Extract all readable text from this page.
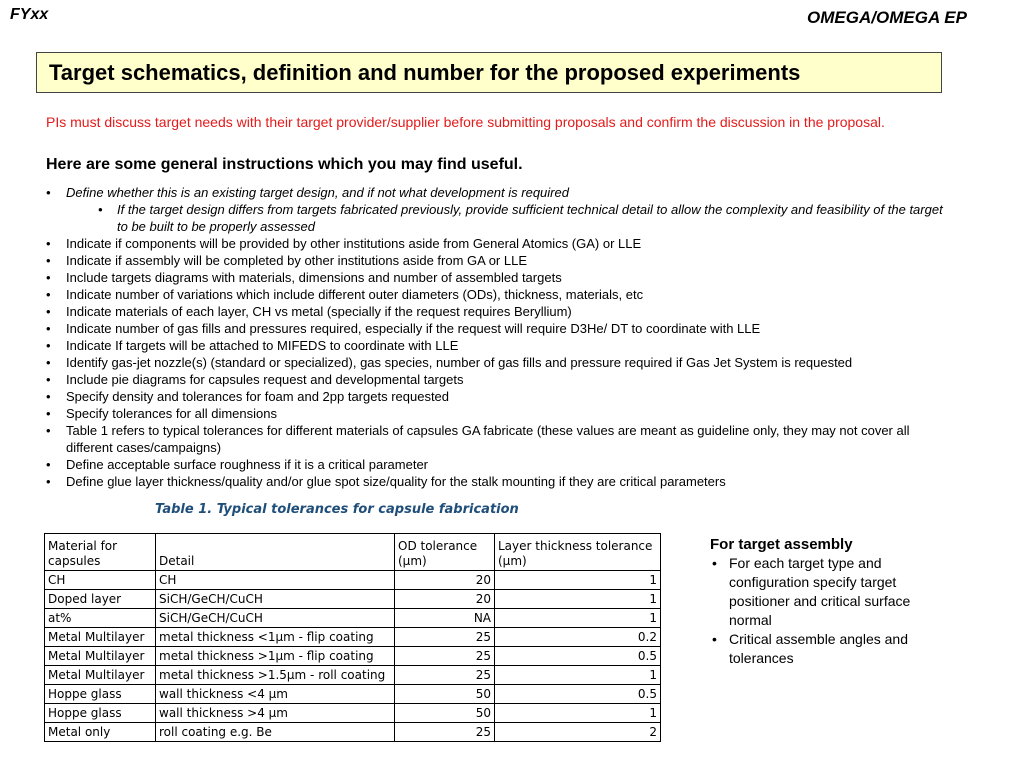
FYxx	OMEGA/OMEGA EP
Target schematics, definition and number for the proposed experiments
PIs must discuss target needs with their target provider/supplier before submitting proposals and confirm the discussion in the proposal.
Here are some general instructions which you may find useful.
• Define whether this is an existing target design, and if not what development is required
• If the target design differs from targets fabricated previously, provide sufficient technical detail to allow the complexity and feasibility of the target to be built to be properly assessed
• Indicate if components will be provided by other institutions aside from General Atomics (GA) or LLE
• Indicate if assembly will be completed by other institutions aside from GA or LLE
• Include targets diagrams with materials, dimensions and number of assembled targets
• Indicate number of variations which include different outer diameters (ODs), thickness, materials, etc
• Indicate materials of each layer, CH vs metal (specially if the request requires Beryllium)
• Indicate number of gas fills and pressures required, especially if the request will require D3He/ DT to coordinate with LLE
• Indicate If targets will be attached to MIFEDS to coordinate with LLE
• Identify gas-jet nozzle(s) (standard or specialized), gas species, number of gas fills and pressure required if Gas Jet System is requested
• Include pie diagrams for capsules request and developmental targets
• Specify density and tolerances for foam and 2pp targets requested
• Specify tolerances for all dimensions
• Table 1 refers to typical tolerances for different materials of capsules GA fabricate (these values are meant as guideline only, they may not cover all different cases/campaigns)
• Define acceptable surface roughness if it is a critical parameter
• Define glue layer thickness/quality and/or glue spot size/quality for the stalk mounting if they are critical parameters
Table 1. Typical tolerances for capsule fabrication
Material for capsules	Detail	OD tolerance (µm)	Layer thickness tolerance (µm)
CH	CH	20	1
Doped layer	SiCH/GeCH/CuCH	20	1
at%	SiCH/GeCH/CuCH	NA	1
Metal Multilayer	metal thickness <1µm - flip coating	25	0.2
Metal Multilayer	metal thickness >1µm - flip coating	25	0.5
Metal Multilayer	metal thickness >1.5µm - roll coating	25	1
Hoppe glass	wall thickness <4 µm	50	0.5
Hoppe glass	wall thickness >4 µm	50	1
Metal only	roll coating e.g. Be	25	2
For target assembly
• For each target type and configuration specify target positioner and critical surface normal
• Critical assemble angles and tolerances
